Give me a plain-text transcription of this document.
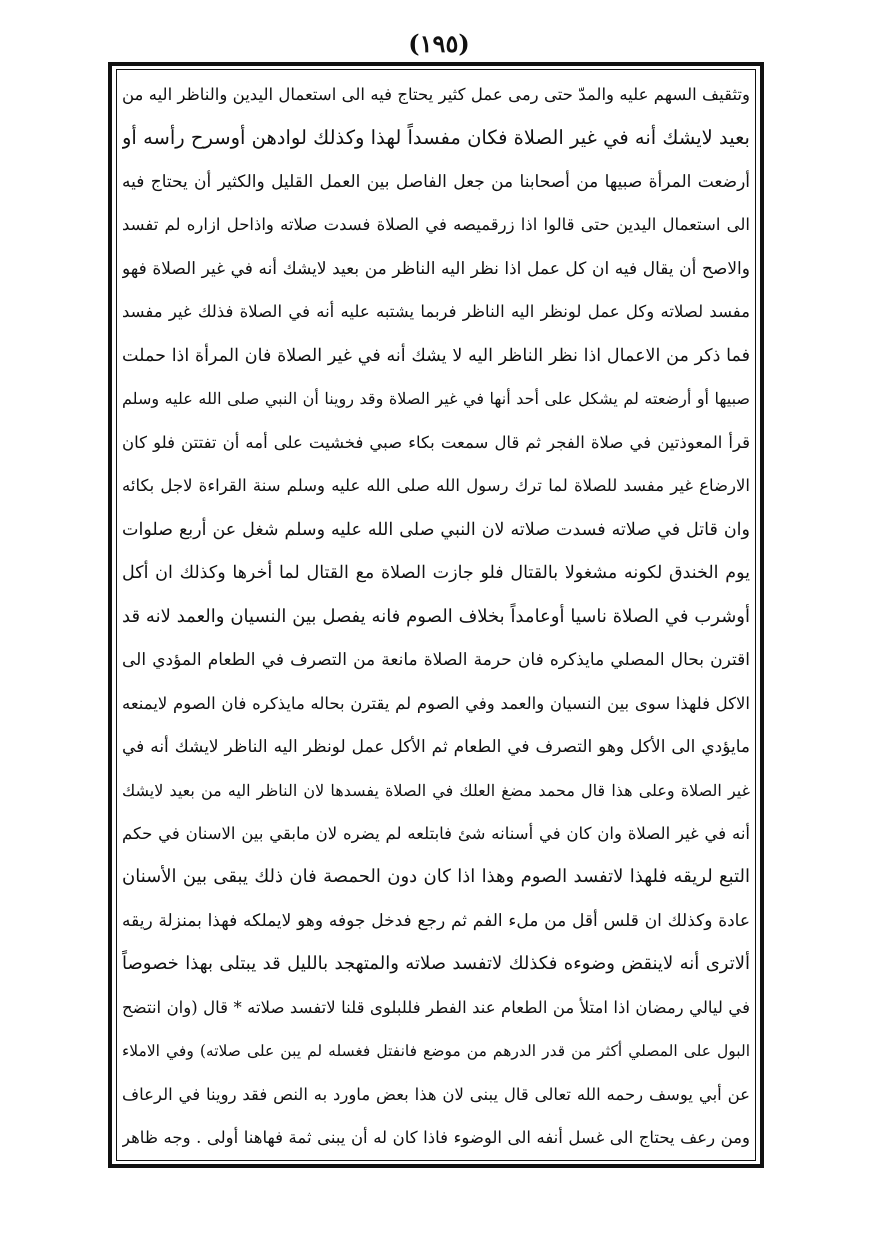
(١٩٥)
وتثقيف السهم عليه والمدّ حتى رمى عمل كثير يحتاج فيه الى استعمال اليدين والناظر اليه من
بعيد لايشك أنه في غير الصلاة فكان مفسداً لهذا وكذلك لوادهن أوسرح رأسه أو
أرضعت المرأة صبيها من أصحابنا من جعل الفاصل بين العمل القليل والكثير أن يحتاج فيه
الى استعمال اليدين حتى قالوا اذا زرقميصه في الصلاة فسدت صلاته واذاحل ازاره لم تفسد
والاصح أن يقال فيه ان كل عمل اذا نظر اليه الناظر من بعيد لايشك أنه في غير الصلاة فهو
مفسد لصلاته وكل عمل لونظر اليه الناظر فربما يشتبه عليه أنه في الصلاة فذلك غير مفسد
فما ذكر من الاعمال اذا نظر الناظر اليه لا يشك أنه في غير الصلاة فان المرأة اذا حملت
صبيها أو أرضعته لم يشكل على أحد أنها في غير الصلاة وقد روينا أن النبي صلى الله عليه وسلم
قرأ المعوذتين في صلاة الفجر ثم قال سمعت بكاء صبي فخشيت على أمه أن تفتتن فلو كان
الارضاع غير مفسد للصلاة لما ترك رسول الله صلى الله عليه وسلم سنة القراءة لاجل بكائه
وان قاتل في صلاته فسدت صلاته لان النبي صلى الله عليه وسلم شغل عن أربع صلوات
يوم الخندق لكونه مشغولا بالقتال فلو جازت الصلاة مع القتال لما أخرها وكذلك ان أكل
أوشرب في الصلاة ناسيا أوعامداً بخلاف الصوم فانه يفصل بين النسيان والعمد لانه قد
اقترن بحال المصلي مايذكره فان حرمة الصلاة مانعة من التصرف في الطعام المؤدي الى
الاكل فلهذا سوى بين النسيان والعمد وفي الصوم لم يقترن بحاله مايذكره فان الصوم لايمنعه
مايؤدي الى الأكل وهو التصرف في الطعام ثم الأكل عمل لونظر اليه الناظر لايشك أنه في
غير الصلاة وعلى هذا قال محمد مضغ العلك في الصلاة يفسدها لان الناظر اليه من بعيد لايشك
أنه في غير الصلاة وان كان في أسنانه شئ فابتلعه لم يضره لان مابقي بين الاسنان في حكم
التبع لريقه فلهذا لاتفسد الصوم وهذا اذا كان دون الحمصة فان ذلك يبقى بين الأسنان
عادة وكذلك ان قلس أقل من ملء الفم ثم رجع فدخل جوفه وهو لايملكه فهذا بمنزلة ريقه
ألاترى أنه لاينقض وضوءه فكذلك لاتفسد صلاته والمتهجد بالليل قد يبتلى بهذا خصوصاً
في ليالي رمضان اذا امتلأ من الطعام عند الفطر فللبلوى قلنا لاتفسد صلاته * قال (وان انتضح
البول على المصلي أكثر من قدر الدرهم من موضع فانفتل فغسله لم يبن على صلاته) وفي الاملاء
عن أبي يوسف رحمه الله تعالى قال يبنى لان هذا بعض ماورد به النص فقد روينا في الرعاف
ومن رعف يحتاج الى غسل أنفه الى الوضوء فاذا كان له أن يبنى ثمة فهاهنا أولى . وجه ظاهر
